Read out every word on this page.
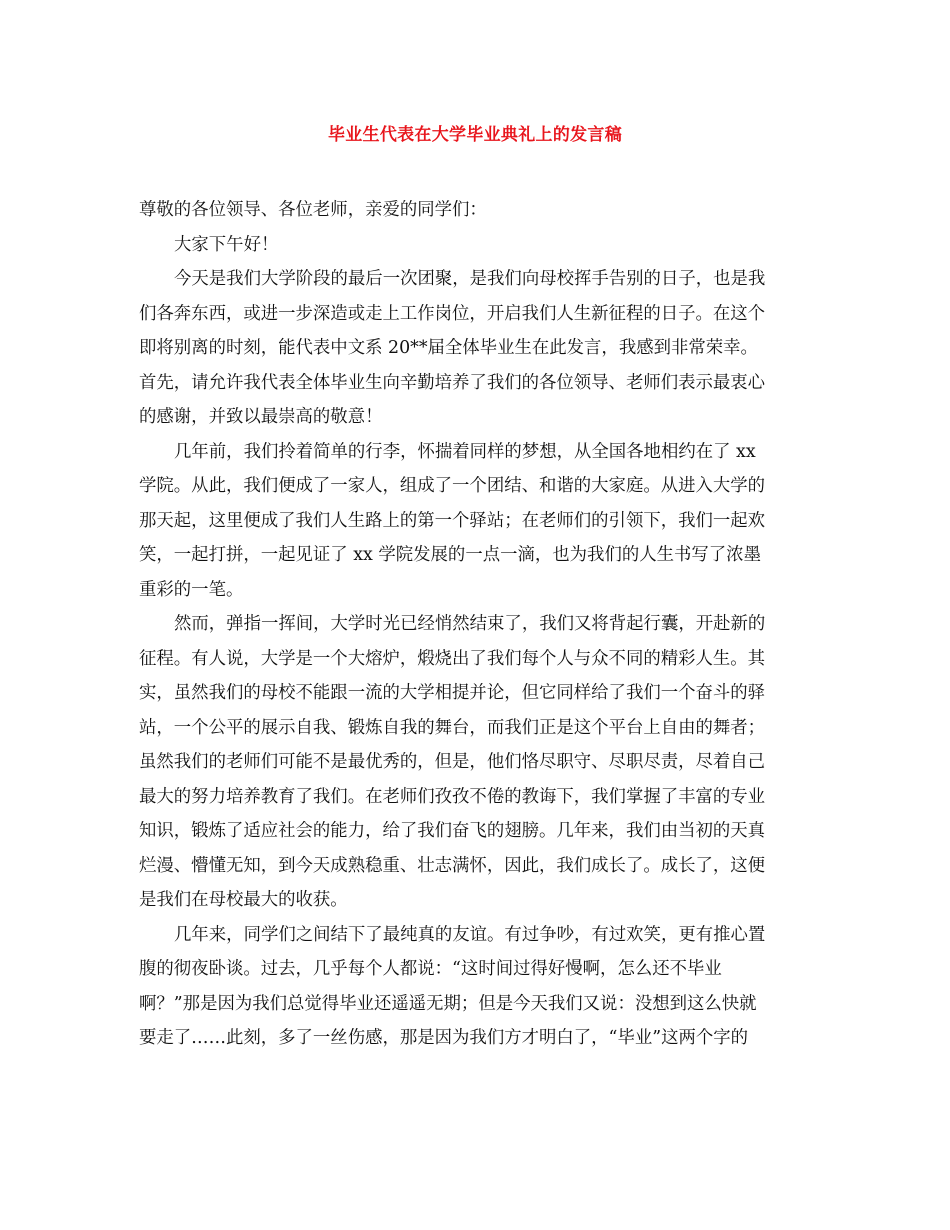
毕业生代表在大学毕业典礼上的发言稿
尊敬的各位领导、各位老师，亲爱的同学们：
大家下午好！
今天是我们大学阶段的最后一次团聚，是我们向母校挥手告别的日子，也是我
们各奔东西，或进一步深造或走上工作岗位，开启我们人生新征程的日子。在这个
即将别离的时刻，能代表中文系 20**届全体毕业生在此发言，我感到非常荣幸。
首先，请允许我代表全体毕业生向辛勤培养了我们的各位领导、老师们表示最衷心
的感谢，并致以最崇高的敬意！
几年前，我们拎着简单的行李，怀揣着同样的梦想，从全国各地相约在了 xx
学院。从此，我们便成了一家人，组成了一个团结、和谐的大家庭。从进入大学的
那天起，这里便成了我们人生路上的第一个驿站；在老师们的引领下，我们一起欢
笑，一起打拼，一起见证了 xx 学院发展的一点一滴，也为我们的人生书写了浓墨
重彩的一笔。
然而，弹指一挥间，大学时光已经悄然结束了，我们又将背起行囊，开赴新的
征程。有人说，大学是一个大熔炉，煅烧出了我们每个人与众不同的精彩人生。其
实，虽然我们的母校不能跟一流的大学相提并论，但它同样给了我们一个奋斗的驿
站，一个公平的展示自我、锻炼自我的舞台，而我们正是这个平台上自由的舞者；
虽然我们的老师们可能不是最优秀的，但是，他们恪尽职守、尽职尽责，尽着自己
最大的努力培养教育了我们。在老师们孜孜不倦的教诲下，我们掌握了丰富的专业
知识，锻炼了适应社会的能力，给了我们奋飞的翅膀。几年来，我们由当初的天真
烂漫、懵懂无知，到今天成熟稳重、壮志满怀，因此，我们成长了。成长了，这便
是我们在母校最大的收获。
几年来，同学们之间结下了最纯真的友谊。有过争吵，有过欢笑，更有推心置
腹的彻夜卧谈。过去，几乎每个人都说：“这时间过得好慢啊，怎么还不毕业
啊？”那是因为我们总觉得毕业还遥遥无期；但是今天我们又说：没想到这么快就
要走了……此刻，多了一丝伤感，那是因为我们方才明白了，“毕业”这两个字的
